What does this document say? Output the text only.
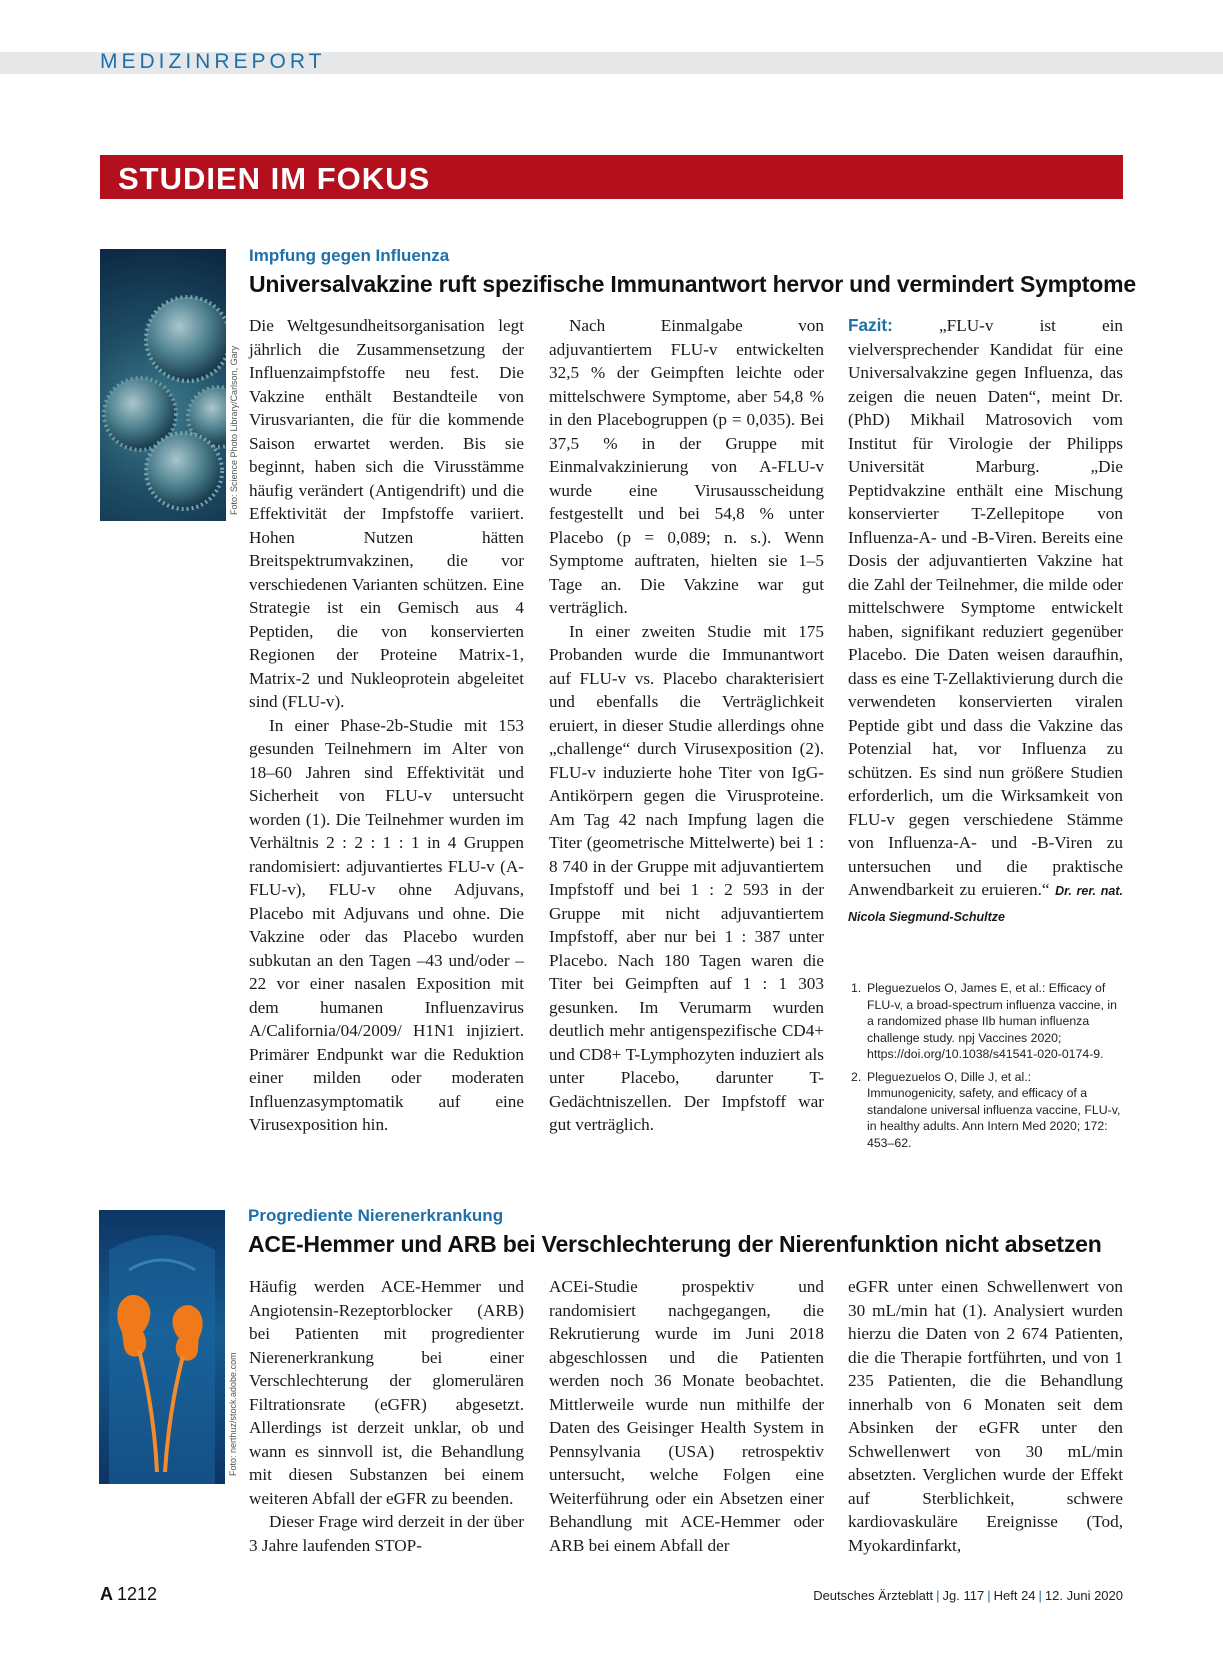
MEDIZINREPORT
STUDIEN IM FOKUS
Foto: Science Photo Library/Carlson, Gary
Impfung gegen Influenza
Universalvakzine ruft spezifische Immunantwort hervor und vermindert Symptome

Die Weltgesundheitsorganisation legt jährlich die Zusammensetzung der Influenzaimpfstoffe neu fest. Die Vakzine enthält Bestandteile von Virusvarianten, die für die kommende Saison erwartet werden. Bis sie beginnt, haben sich die Virusstämme häufig verändert (Antigendrift) und die Effektivität der Impfstoffe variiert. Hohen Nutzen hätten Breitspektrumvakzinen, die vor verschiedenen Varianten schützen. Eine Strategie ist ein Gemisch aus 4 Peptiden, die von konservierten Regionen der Proteine Matrix-1, Matrix-2 und Nukleoprotein abgeleitet sind (FLU-v).

In einer Phase-2b-Studie mit 153 gesunden Teilnehmern im Alter von 18–60 Jahren sind Effektivität und Sicherheit von FLU-v untersucht worden (1). Die Teilnehmer wurden im Verhältnis 2 : 2 : 1 : 1 in 4 Gruppen randomisiert: adjuvantiertes FLU-v (A-FLU-v), FLU-v ohne Adjuvans, Placebo mit Adjuvans und ohne. Die Vakzine oder das Placebo wurden subkutan an den Tagen –43 und/oder –22 vor einer nasalen Exposition mit dem humanen Influenzavirus A/California/04/2009/ H1N1 injiziert. Primärer Endpunkt war die Reduktion einer milden oder moderaten Influenzasymptomatik auf eine Virusexposition hin.

Nach Einmalgabe von adjuvantiertem FLU-v entwickelten 32,5 % der Geimpften leichte oder mittelschwere Symptome, aber 54,8 % in den Placebogruppen (p = 0,035). Bei 37,5 % in der Gruppe mit Einmalvakzinierung von A-FLU-v wurde eine Virusausscheidung festgestellt und bei 54,8 % unter Placebo (p = 0,089; n. s.). Wenn Symptome auftraten, hielten sie 1–5 Tage an. Die Vakzine war gut verträglich.

In einer zweiten Studie mit 175 Probanden wurde die Immunantwort auf FLU-v vs. Placebo charakterisiert und ebenfalls die Verträglichkeit eruiert, in dieser Studie allerdings ohne „challenge“ durch Virusexposition (2). FLU-v induzierte hohe Titer von IgG-Antikörpern gegen die Virusproteine. Am Tag 42 nach Impfung lagen die Titer (geometrische Mittelwerte) bei 1 : 8 740 in der Gruppe mit adjuvantiertem Impfstoff und bei 1 : 2 593 in der Gruppe mit nicht adjuvantiertem Impfstoff, aber nur bei 1 : 387 unter Placebo. Nach 180 Tagen waren die Titer bei Geimpften auf 1 : 1 303 gesunken. Im Verumarm wurden deutlich mehr antigenspezifische CD4+ und CD8+ T-Lymphozyten induziert als unter Placebo, darunter T-Gedächtniszellen. Der Impfstoff war gut verträglich.

Fazit:	„FLU-v ist ein vielversprechender Kandidat für eine Universalvakzine gegen Influenza, das zeigen die neuen Daten“, meint Dr. (PhD) Mikhail Matrosovich vom Institut für Virologie der Philipps Universität Marburg. „Die Peptidvakzine enthält eine Mischung konservierter T-Zellepitope von Influenza-A- und -B-Viren. Bereits eine Dosis der adjuvantierten Vakzine hat die Zahl der Teilnehmer, die milde oder mittelschwere Symptome entwickelt haben, signifikant reduziert gegenüber Placebo. Die Daten weisen daraufhin, dass es eine T-Zellaktivierung durch die verwendeten konservierten viralen Peptide gibt und dass die Vakzine das Potenzial hat, vor Influenza zu schützen. Es sind nun größere Studien erforderlich, um die Wirksamkeit von FLU-v gegen verschiedene Stämme von Influenza-A- und -B-Viren zu untersuchen und die praktische Anwendbarkeit zu eruieren.“ Dr. rer. nat. Nicola Siegmund-Schultze

1. Pleguezuelos O, James E, et al.: Efficacy of FLU-v, a broad-spectrum influenza vaccine, in a randomized phase IIb human influenza challenge study. npj Vaccines 2020; https://doi.org/10.1038/s41541-020-0174-9.
2. Pleguezuelos O, Dille J, et al.: Immunogenicity, safety, and efficacy of a standalone universal influenza vaccine, FLU-v, in healthy adults. Ann Intern Med 2020; 172: 453–62.
Foto: nerthuz/stock.adobe.com
Progrediente Nierenerkrankung
ACE-Hemmer und ARB bei Verschlechterung der Nierenfunktion nicht absetzen

Häufig werden ACE-Hemmer und Angiotensin-Rezeptorblocker (ARB) bei Patienten mit progredienter Nierenerkrankung bei einer Verschlechterung der glomerulären Filtrationsrate (eGFR) abgesetzt. Allerdings ist derzeit unklar, ob und wann es sinnvoll ist, die Behandlung mit diesen Substanzen bei einem weiteren Abfall der eGFR zu beenden.

Dieser Frage wird derzeit in der über 3 Jahre laufenden STOP-

ACEi-Studie prospektiv und randomisiert nachgegangen, die Rekrutierung wurde im Juni 2018 abgeschlossen und die Patienten werden noch 36 Monate beobachtet. Mittlerweile wurde nun mithilfe der Daten des Geisinger Health System in Pennsylvania (USA) retrospektiv untersucht, welche Folgen eine Weiterführung oder ein Absetzen einer Behandlung mit ACE-Hemmer oder ARB bei einem Abfall der

eGFR unter einen Schwellenwert von 30 mL/min hat (1). Analysiert wurden hierzu die Daten von 2 674 Patienten, die die Therapie fortführten, und von 1 235 Patienten, die die Behandlung innerhalb von 6 Monaten seit dem Absinken der eGFR unter den Schwellenwert von 30 mL/min absetzten. Verglichen wurde der Effekt auf Sterblichkeit, schwere kardiovaskuläre Ereignisse (Tod, Myokardinfarkt,

A 1212	Deutsches Ärzteblatt | Jg. 117 | Heft 24 | 12. Juni 2020
